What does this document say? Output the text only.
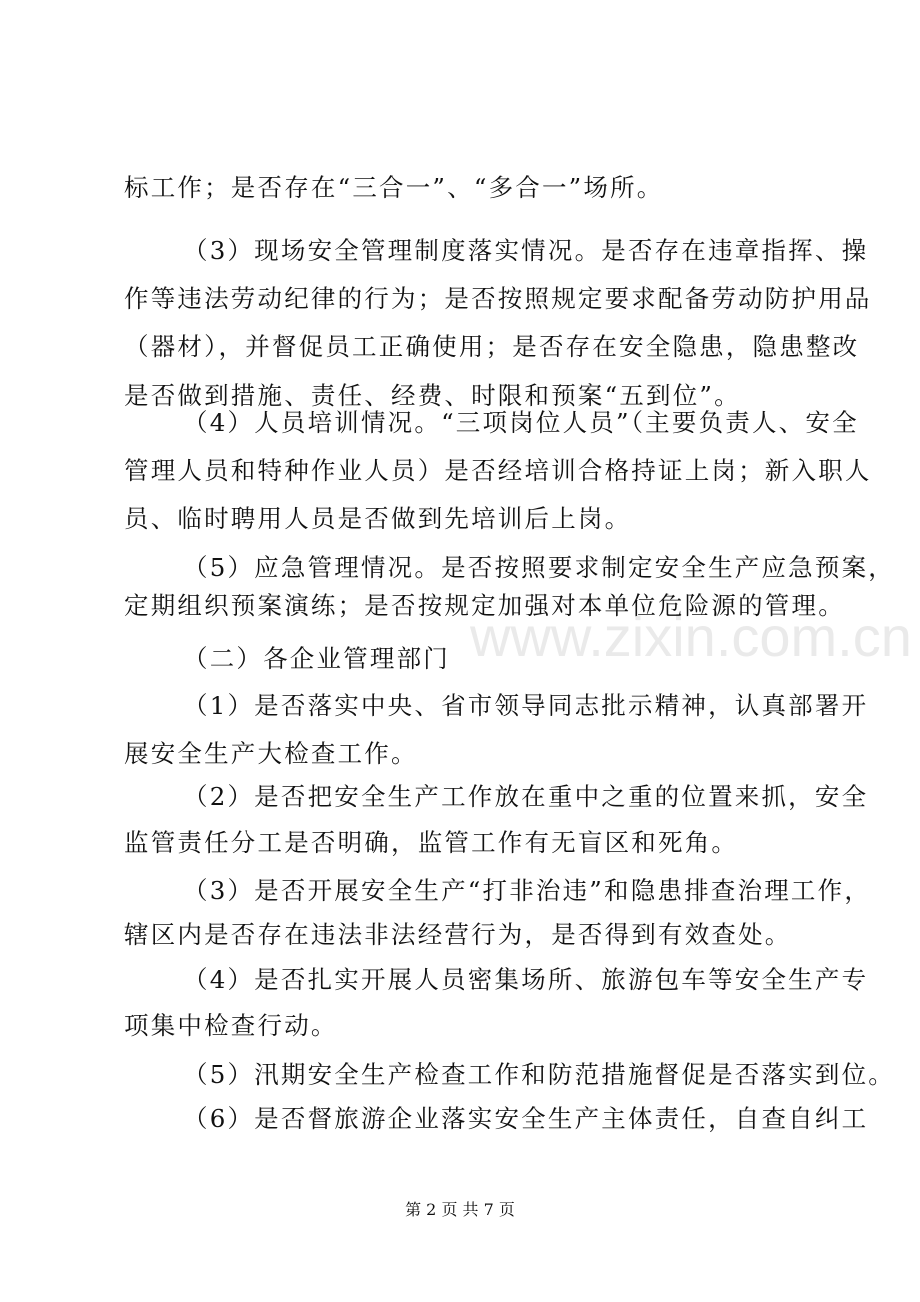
www.zixin.com.cn
标工作；是否存在“三合一”、“多合一”场所。
（3）现场安全管理制度落实情况。是否存在违章指挥、操
作等违法劳动纪律的行为；是否按照规定要求配备劳动防护用品
（器材），并督促员工正确使用；是否存在安全隐患，隐患整改
是否做到措施、责任、经费、时限和预案“五到位”。
（4）人员培训情况。“三项岗位人员”（主要负责人、安全
管理人员和特种作业人员）是否经培训合格持证上岗；新入职人
员、临时聘用人员是否做到先培训后上岗。
（5）应急管理情况。是否按照要求制定安全生产应急预案，
定期组织预案演练；是否按规定加强对本单位危险源的管理。
（二）各企业管理部门
（1）是否落实中央、省市领导同志批示精神，认真部署开
展安全生产大检查工作。
（2）是否把安全生产工作放在重中之重的位置来抓，安全
监管责任分工是否明确，监管工作有无盲区和死角。
（3）是否开展安全生产“打非治违”和隐患排查治理工作，
辖区内是否存在违法非法经营行为，是否得到有效查处。
（4）是否扎实开展人员密集场所、旅游包车等安全生产专
项集中检查行动。
（5）汛期安全生产检查工作和防范措施督促是否落实到位。
（6）是否督旅游企业落实安全生产主体责任，自查自纠工
第 2 页 共 7 页
